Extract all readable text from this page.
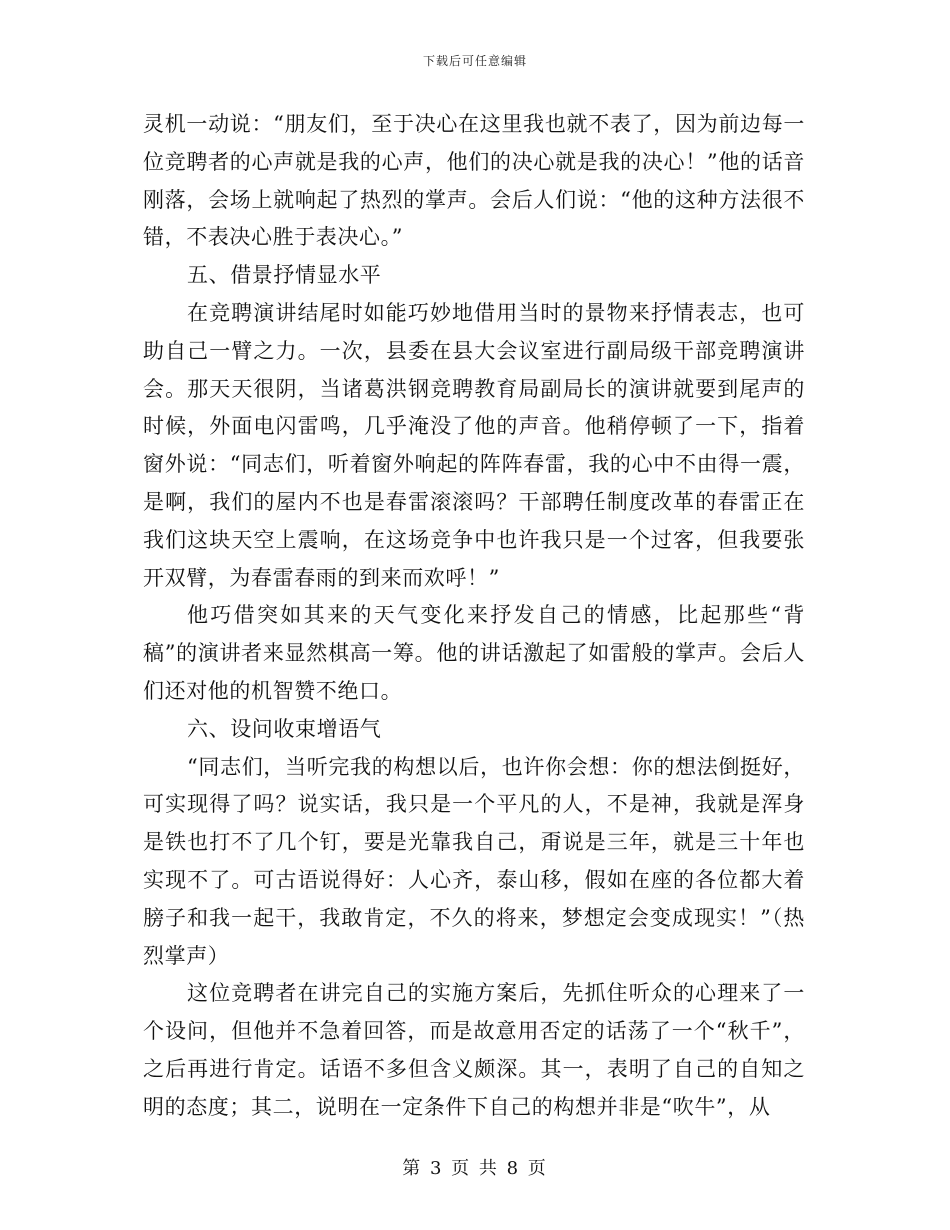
下载后可任意编辑

灵机一动说：“朋友们，至于决心在这里我也就不表了，因为前边每一位竞聘者的心声就是我的心声，他们的决心就是我的决心！”他的话音刚落，会场上就响起了热烈的掌声。会后人们说：“他的这种方法很不错，不表决心胜于表决心。”

五、借景抒情显水平

在竞聘演讲结尾时如能巧妙地借用当时的景物来抒情表志，也可助自己一臂之力。一次，县委在县大会议室进行副局级干部竞聘演讲会。那天天很阴，当诸葛洪钢竞聘教育局副局长的演讲就要到尾声的时候，外面电闪雷鸣，几乎淹没了他的声音。他稍停顿了一下，指着窗外说：“同志们，听着窗外响起的阵阵春雷，我的心中不由得一震，是啊，我们的屋内不也是春雷滚滚吗？干部聘任制度改革的春雷正在我们这块天空上震响，在这场竞争中也许我只是一个过客，但我要张开双臂，为春雷春雨的到来而欢呼！”

他巧借突如其来的天气变化来抒发自己的情感，比起那些“背稿”的演讲者来显然棋高一筹。他的讲话激起了如雷般的掌声。会后人们还对他的机智赞不绝口。

六、设问收束增语气

“同志们，当听完我的构想以后，也许你会想：你的想法倒挺好，可实现得了吗？说实话，我只是一个平凡的人，不是神，我就是浑身是铁也打不了几个钉，要是光靠我自己，甭说是三年，就是三十年也实现不了。可古语说得好：人心齐，泰山移，假如在座的各位都大着膀子和我一起干，我敢肯定，不久的将来，梦想定会变成现实！”（热烈掌声）

这位竞聘者在讲完自己的实施方案后，先抓住听众的心理来了一个设问，但他并不急着回答，而是故意用否定的话荡了一个“秋千”，之后再进行肯定。话语不多但含义颇深。其一，表明了自己的自知之明的态度；其二，说明在一定条件下自己的构想并非是“吹牛”，从

第 3 页 共 8 页
